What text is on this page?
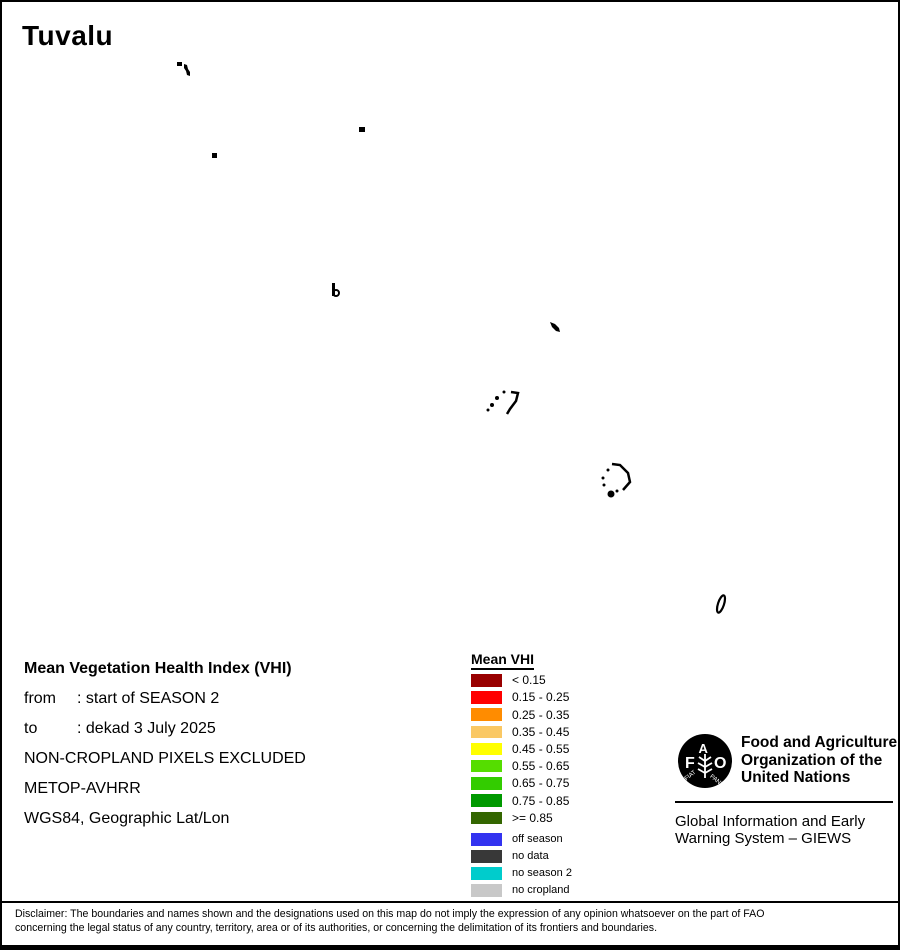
Tuvalu
Mean Vegetation Health Index (VHI)
from : start of SEASON 2
to : dekad 3 July 2025
NON-CROPLAND PIXELS EXCLUDED
METOP-AVHRR
WGS84, Geographic Lat/Lon
Mean VHI
< 0.15
0.15 - 0.25
0.25 - 0.35
0.35 - 0.45
0.45 - 0.55
0.55 - 0.65
0.65 - 0.75
0.75 - 0.85
>= 0.85
off season
no data
no season 2
no cropland
F
A
O
FIAT PANIS
Food and Agriculture
Organization of the
United Nations
Global Information and Early
Warning System – GIEWS
Disclaimer: The boundaries and names shown and the designations used on this map do not imply the expression of any opinion whatsoever on the part of FAO
concerning the legal status of any country, territory, area or of its authorities, or concerning the delimitation of its frontiers and boundaries.
